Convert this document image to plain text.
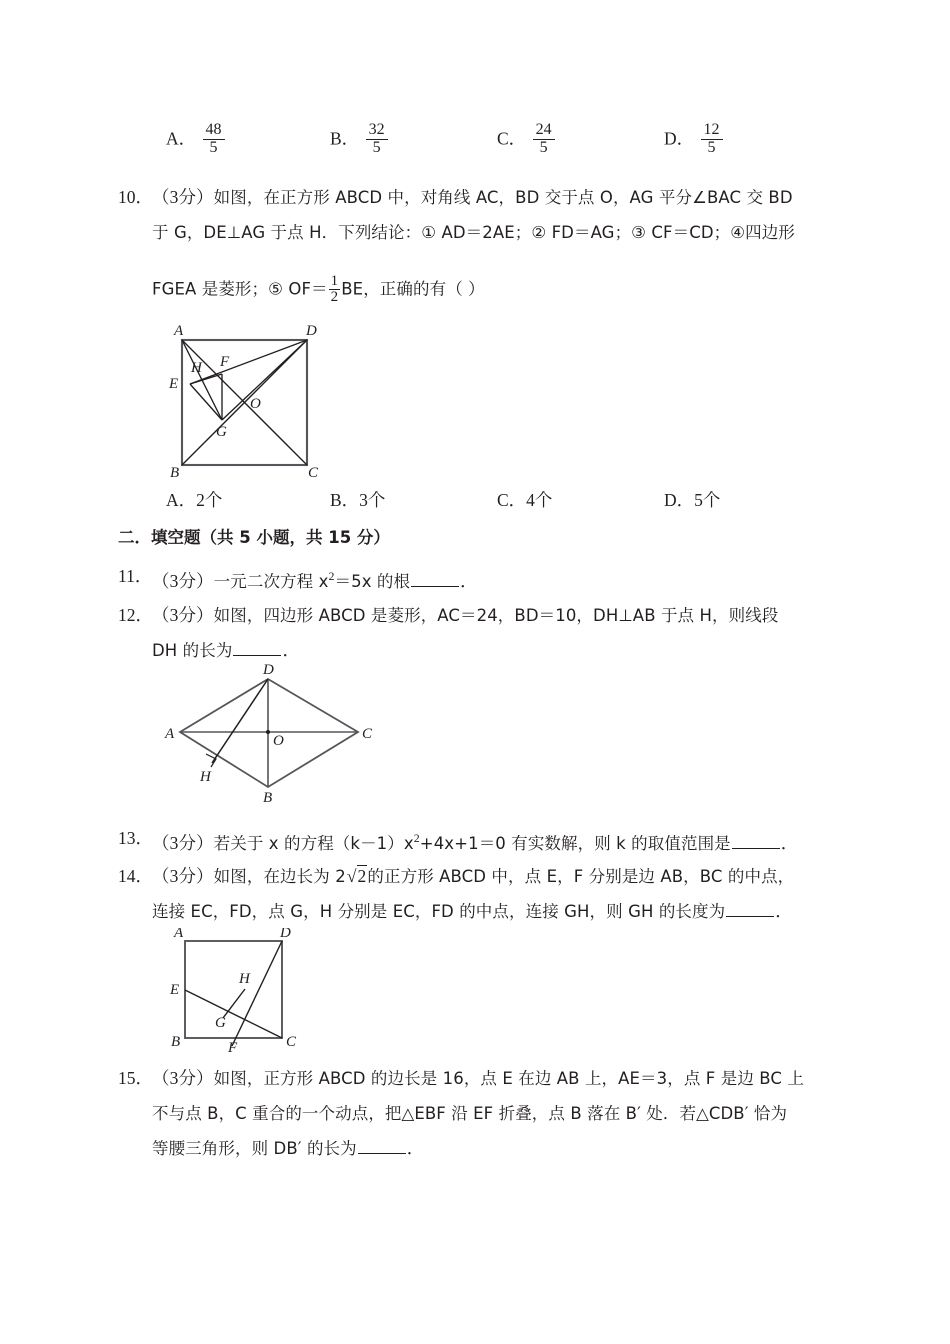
A． $\frac{48}{5}$	B． $\frac{32}{5}$	C． $\frac{24}{5}$	D． $\frac{12}{5}$
10． （3分）如图，在正方形 ABCD 中，对角线 AC，BD 交于点 O，AG 平分∠BAC 交 BD
于 G，DE⊥AG 于点 H．下列结论：① AD＝2AE；② FD＝AG；③ CF＝CD；④四边形
FGEA 是菱形；⑤ $OF= \frac{1}{2}$ BE，正确的有（ ）
A	D
E
H F
O
G
B	C
A．2个	B．3个	C．4个	D．5个
二．填空题（共 5 小题，共 15 分）
11． （3分）一元二次方程 $x^2=5x$ 的根	．
12． （3分）如图，四边形 ABCD 是菱形，AC＝24，BD＝10，DH⊥AB 于点 H，则线段
DH 的长为	．
D
A	O	C
H
B
13． （3分）若关于 x 的方程$(k-1)x^2+4x+1=0$ 有实数解，则 k 的取值范围是	．
14． （3分）如图，在边长为 2√2的正方形 ABCD 中，点 E，F 分别是边 AB，BC 的中点，
连接 EC，FD，点 G，H 分别是 EC，FD 的中点，连接 GH，则 GH 的长度为	．
A	D
E
H
G
B	F	C
15． （3分）如图，正方形 ABCD 的边长是 16，点 E 在边 AB 上，AE＝3，点 F 是边 BC 上
不与点 B，C 重合的一个动点，把△EBF 沿 EF 折叠，点 B 落在 B′ 处．若△CDB′ 恰为
等腰三角形，则 DB′ 的长为	．
